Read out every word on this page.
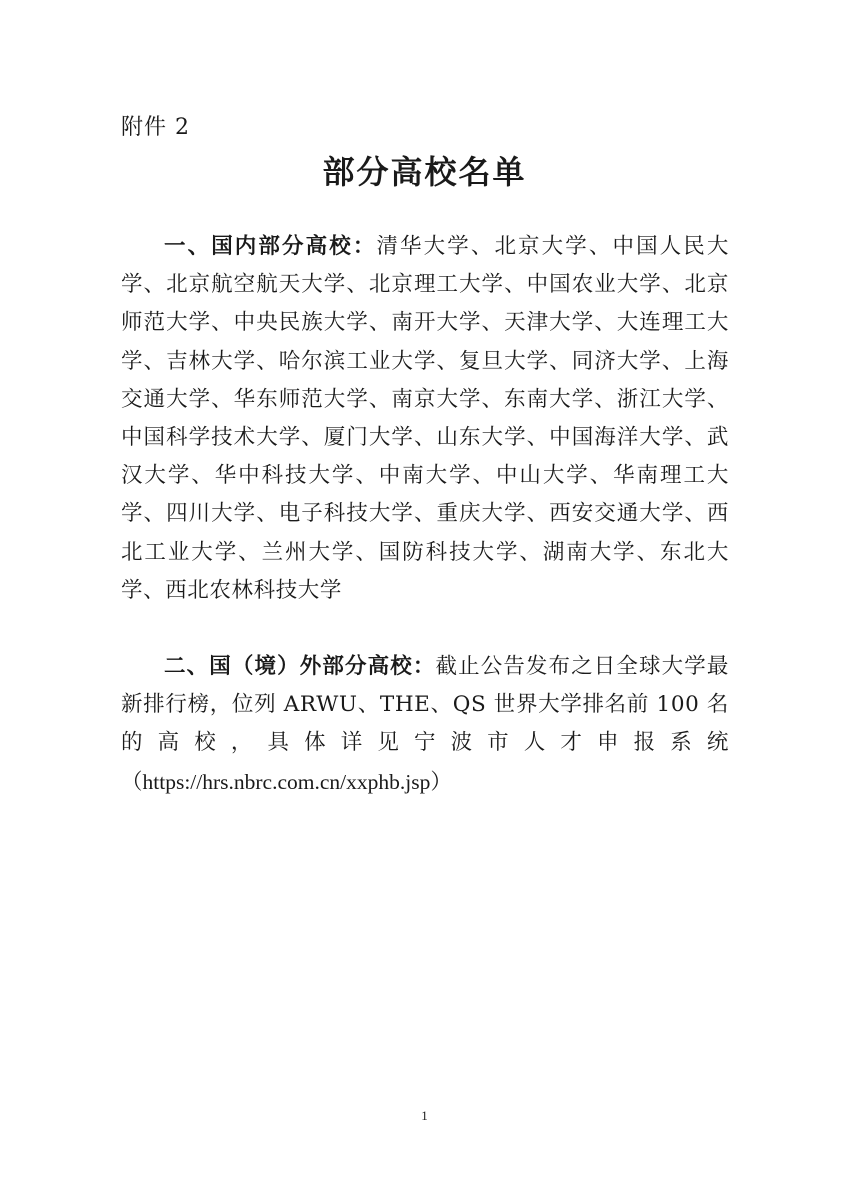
附件 2
部分高校名单

一、国内部分高校：清华大学、北京大学、中国人民大学、北京航空航天大学、北京理工大学、中国农业大学、北京师范大学、中央民族大学、南开大学、天津大学、大连理工大学、吉林大学、哈尔滨工业大学、复旦大学、同济大学、上海交通大学、华东师范大学、南京大学、东南大学、浙江大学、中国科学技术大学、厦门大学、山东大学、中国海洋大学、武汉大学、华中科技大学、中南大学、中山大学、华南理工大学、四川大学、电子科技大学、重庆大学、西安交通大学、西北工业大学、兰州大学、国防科技大学、湖南大学、东北大学、西北农林科技大学

二、国（境）外部分高校：截止公告发布之日全球大学最新排行榜，位列 ARWU、THE、QS 世界大学排名前 100 名的高校，具体详见宁波市人才申报系统（https://hrs.nbrc.com.cn/xxphb.jsp）

1
